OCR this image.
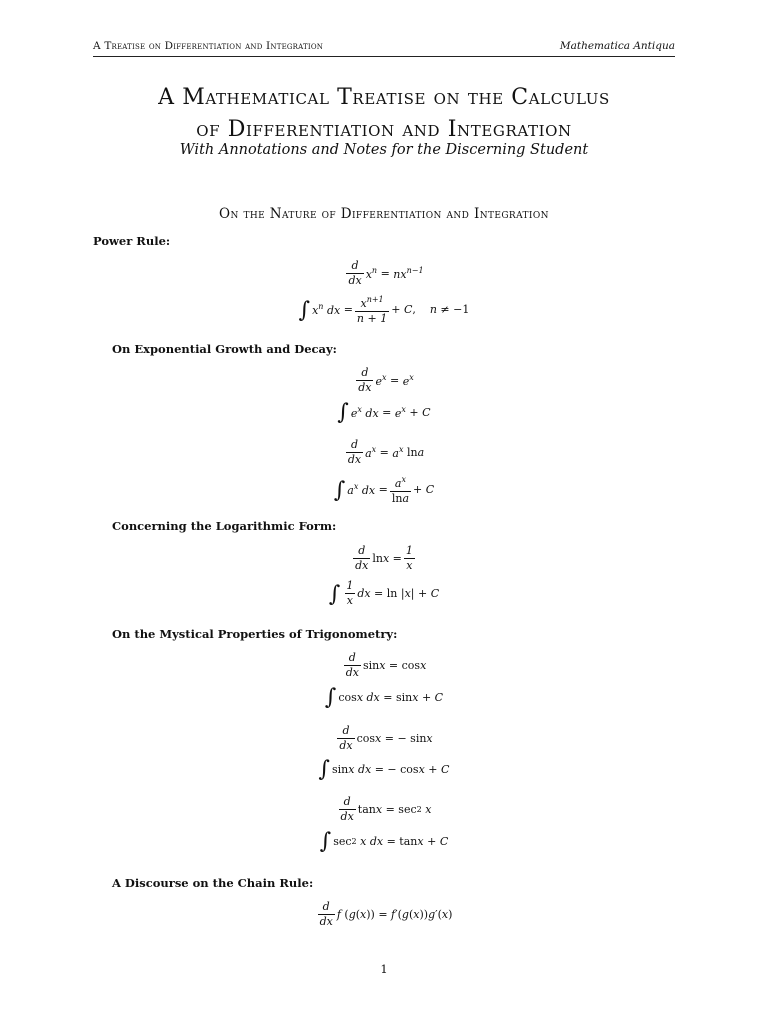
A Treatise on Differentiation and Integration	Mathematica Antiqua
A Mathematical Treatise on the Calculus
of Differentiation and Integration
With Annotations and Notes for the Discerning Student
On the Nature of Differentiation and Integration
Power Rule:
$\frac{d}{dx} x^n = nx^{n-1}$
∫ $x^n$ dx = $\frac{x^{n+1}}{n + 1} + C$ , n ≠ −1
On Exponential Growth and Decay:
$\frac{d}{dx} e^x = e^x$
∫ $e^x$ dx = $e^x + C$
$\frac{d}{dx} a^x = a^x$ ln a
∫ $a^x$ dx = $\frac{a^x}{\ln a} + C$
Concerning the Logarithmic Form:
$\frac{d}{dx}$ $\ln x = \frac{1}{x}$
∫ $\frac{1}{x}$ dx = ln | x | + C
On the Mystical Properties of Trigonometry:
$\frac{d}{dx}$ sin x = cos x
∫ cos x dx = sin x + C
$\frac{d}{dx}$ cos x = − sin x
∫ sin x dx = − cos x + C
$\frac{d}{dx}$ tan x = sec 2
x
∫ sec 2
x dx = tan x + C
A Discourse on the Chain Rule:
$\frac{d}{dx}$ f ( g ( x )) = f ′( g ( x )) g ′( x )
1
